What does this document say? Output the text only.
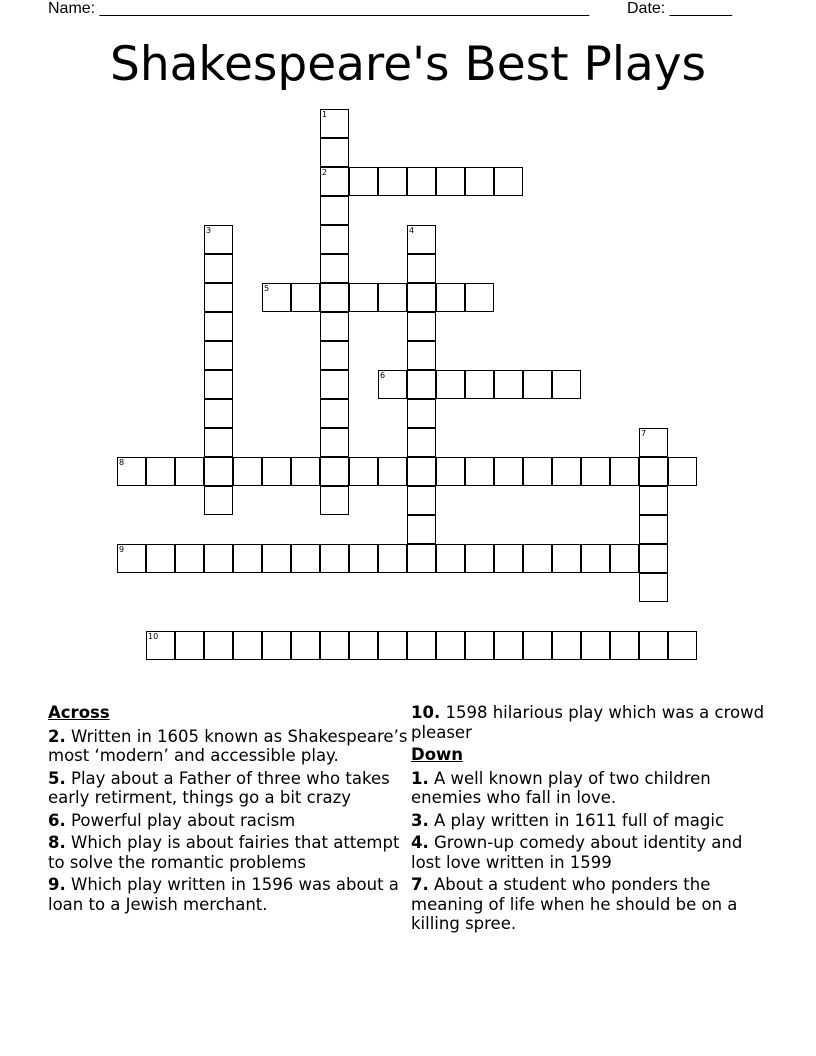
Name: _______________________________________________________ Date: _______
Shakespeare's Best Plays
1
2
3	4
5
6
7
8
9
10
Across
2. Written in 1605 known as Shakespeare’s most ‘modern’ and accessible play.
5. Play about a Father of three who takes early retirment, things go a bit crazy
6. Powerful play about racism
8. Which play is about fairies that attempt to solve the romantic problems
9. Which play written in 1596 was about a loan to a Jewish merchant.
10. 1598 hilarious play which was a crowd pleaser
Down
1. A well known play of two children enemies who fall in love.
3. A play written in 1611 full of magic
4. Grown-up comedy about identity and lost love written in 1599
7. About a student who ponders the meaning of life when he should be on a killing spree.
